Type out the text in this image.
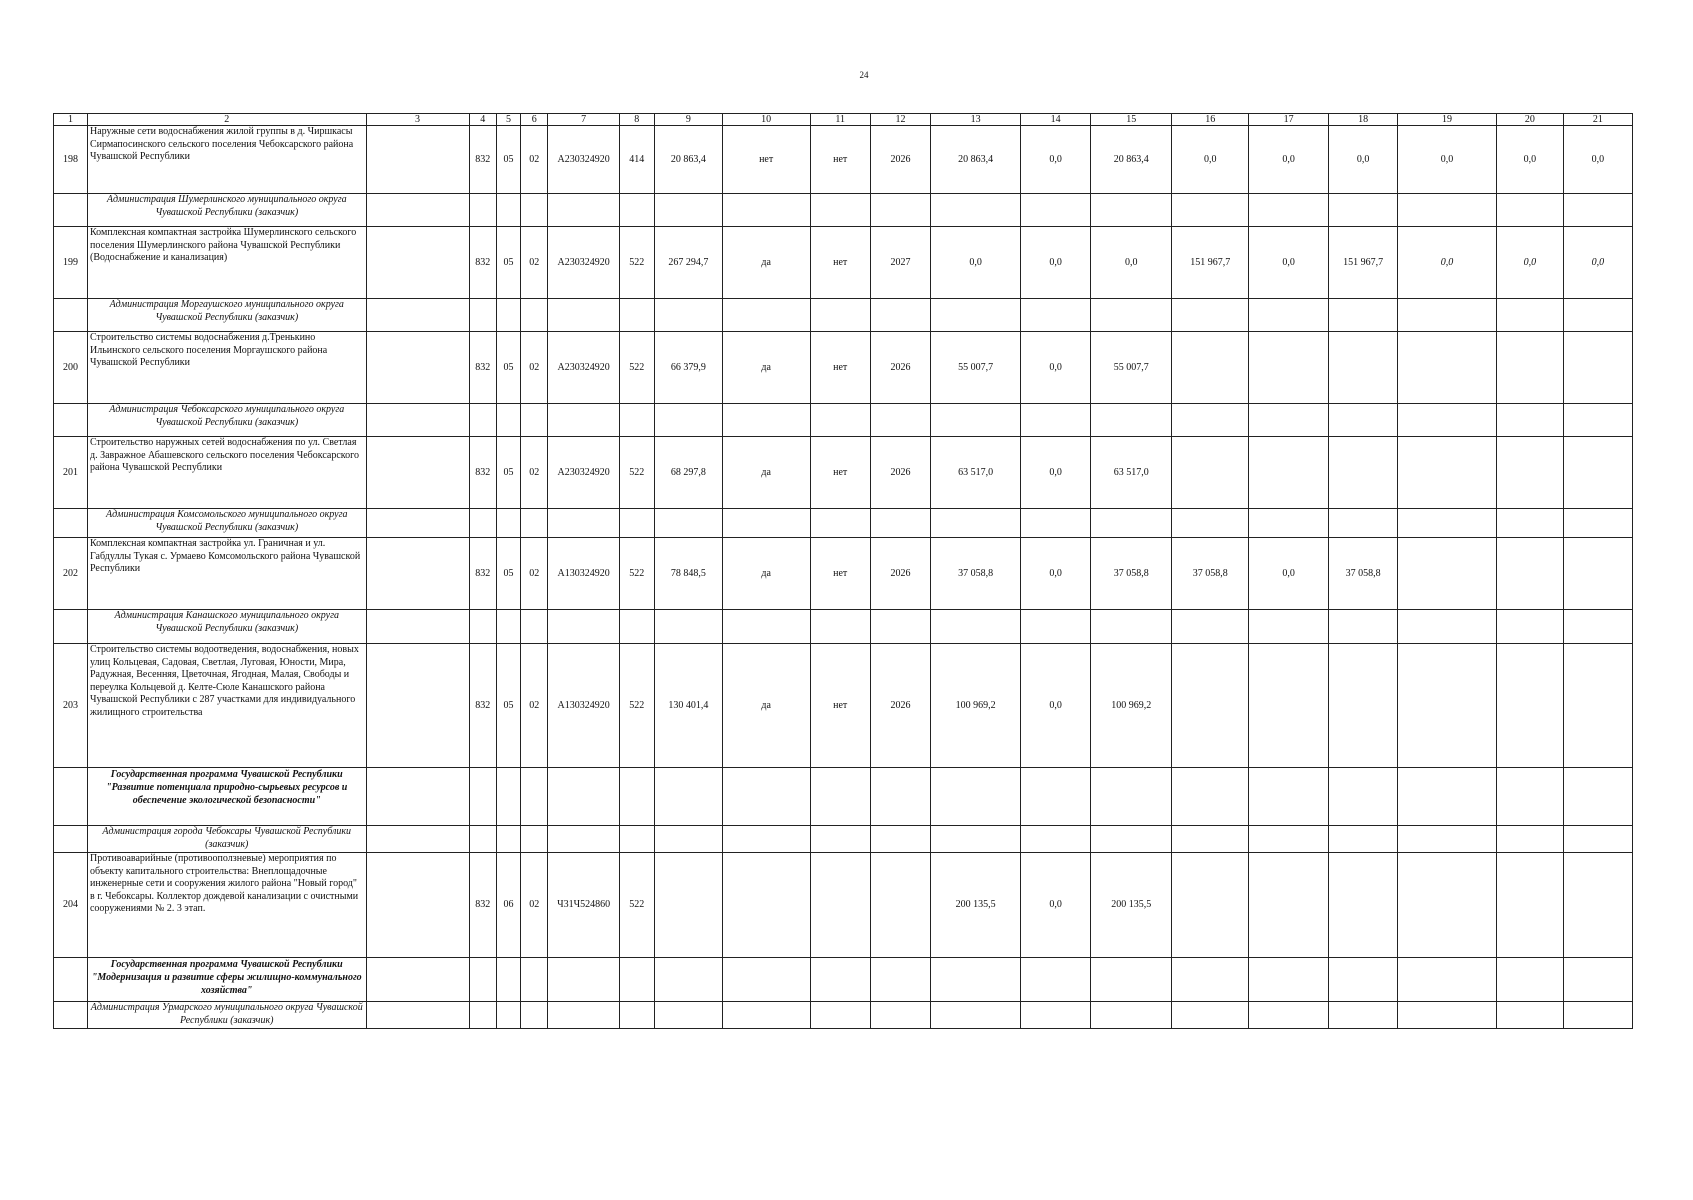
24
1	2	3	4	5	6	7	8	9	10	11	12	13	14	15	16	17	18	19	20	21
198	Наружные сети водоснабжения жилой группы в д. Чиршкасы Сирмапосинского сельского поселения Чебоксарского района Чувашской Республики		832	05	02	А230324920	414	20 863,4	нет	нет	2026	20 863,4	0,0	20 863,4	0,0	0,0	0,0	0,0	0,0	0,0
	Администрация Шумерлинского муниципального округа Чувашской Республики (заказчик)																			
199	Комплексная компактная застройка Шумерлинского сельского поселения Шумерлинского района Чувашской Республики (Водоснабжение и канализация)		832	05	02	А230324920	522	267 294,7	да	нет	2027	0,0	0,0	0,0	151 967,7	0,0	151 967,7	0,0	0,0	0,0
	Администрация Моргаушского муниципального округа Чувашской Республики (заказчик)																			
200	Строительство системы водоснабжения д.Тренькино Ильинского сельского поселения Моргаушского района Чувашской Республики		832	05	02	А230324920	522	66 379,9	да	нет	2026	55 007,7	0,0	55 007,7						
	Администрация Чебоксарского муниципального округа Чувашской Республики (заказчик)																			
201	Строительство наружных сетей водоснабжения по ул. Светлая д. Завражное Абашевского сельского поселения Чебоксарского района Чувашской Республики		832	05	02	А230324920	522	68 297,8	да	нет	2026	63 517,0	0,0	63 517,0						
	Администрация Комсомольского муниципального округа Чувашской Республики (заказчик)																			
202	Комплексная компактная застройка ул. Граничная и ул. Габдуллы Тукая с. Урмаево Комсомольского района Чувашской Республики		832	05	02	А130324920	522	78 848,5	да	нет	2026	37 058,8	0,0	37 058,8	37 058,8	0,0	37 058,8			
	Администрация Канашского муниципального округа Чувашской Республики (заказчик)																			
203	Строительство системы водоотведения, водоснабжения, новых улиц Кольцевая, Садовая, Светлая, Луговая, Юности, Мира, Радужная, Весенняя, Цветочная, Ягодная, Малая, Свободы и переулка Кольцевой д. Келте-Сюле Канашского района Чувашской Республики с 287 участками для индивидуального жилищного строительства		832	05	02	А130324920	522	130 401,4	да	нет	2026	100 969,2	0,0	100 969,2						
	Государственная программа Чувашской Республики "Развитие потенциала природно-сырьевых ресурсов и обеспечение экологической безопасности"																			
	Администрация города Чебоксары Чувашской Республики (заказчик)																			
204	Противоаварийные (противооползневые) мероприятия по объекту капитального строительства: Внеплощадочные инженерные сети и сооружения жилого района "Новый город" в г. Чебоксары. Коллектор дождевой канализации с очистными сооружениями № 2. 3 этап.		832	06	02	Ч31Ч524860	522					200 135,5	0,0	200 135,5						
	Государственная программа Чувашской Республики "Модернизация и развитие сферы жилищно-коммунального хозяйства"																			
	Администрация Урмарского муниципального округа Чувашской Республики (заказчик)																			
